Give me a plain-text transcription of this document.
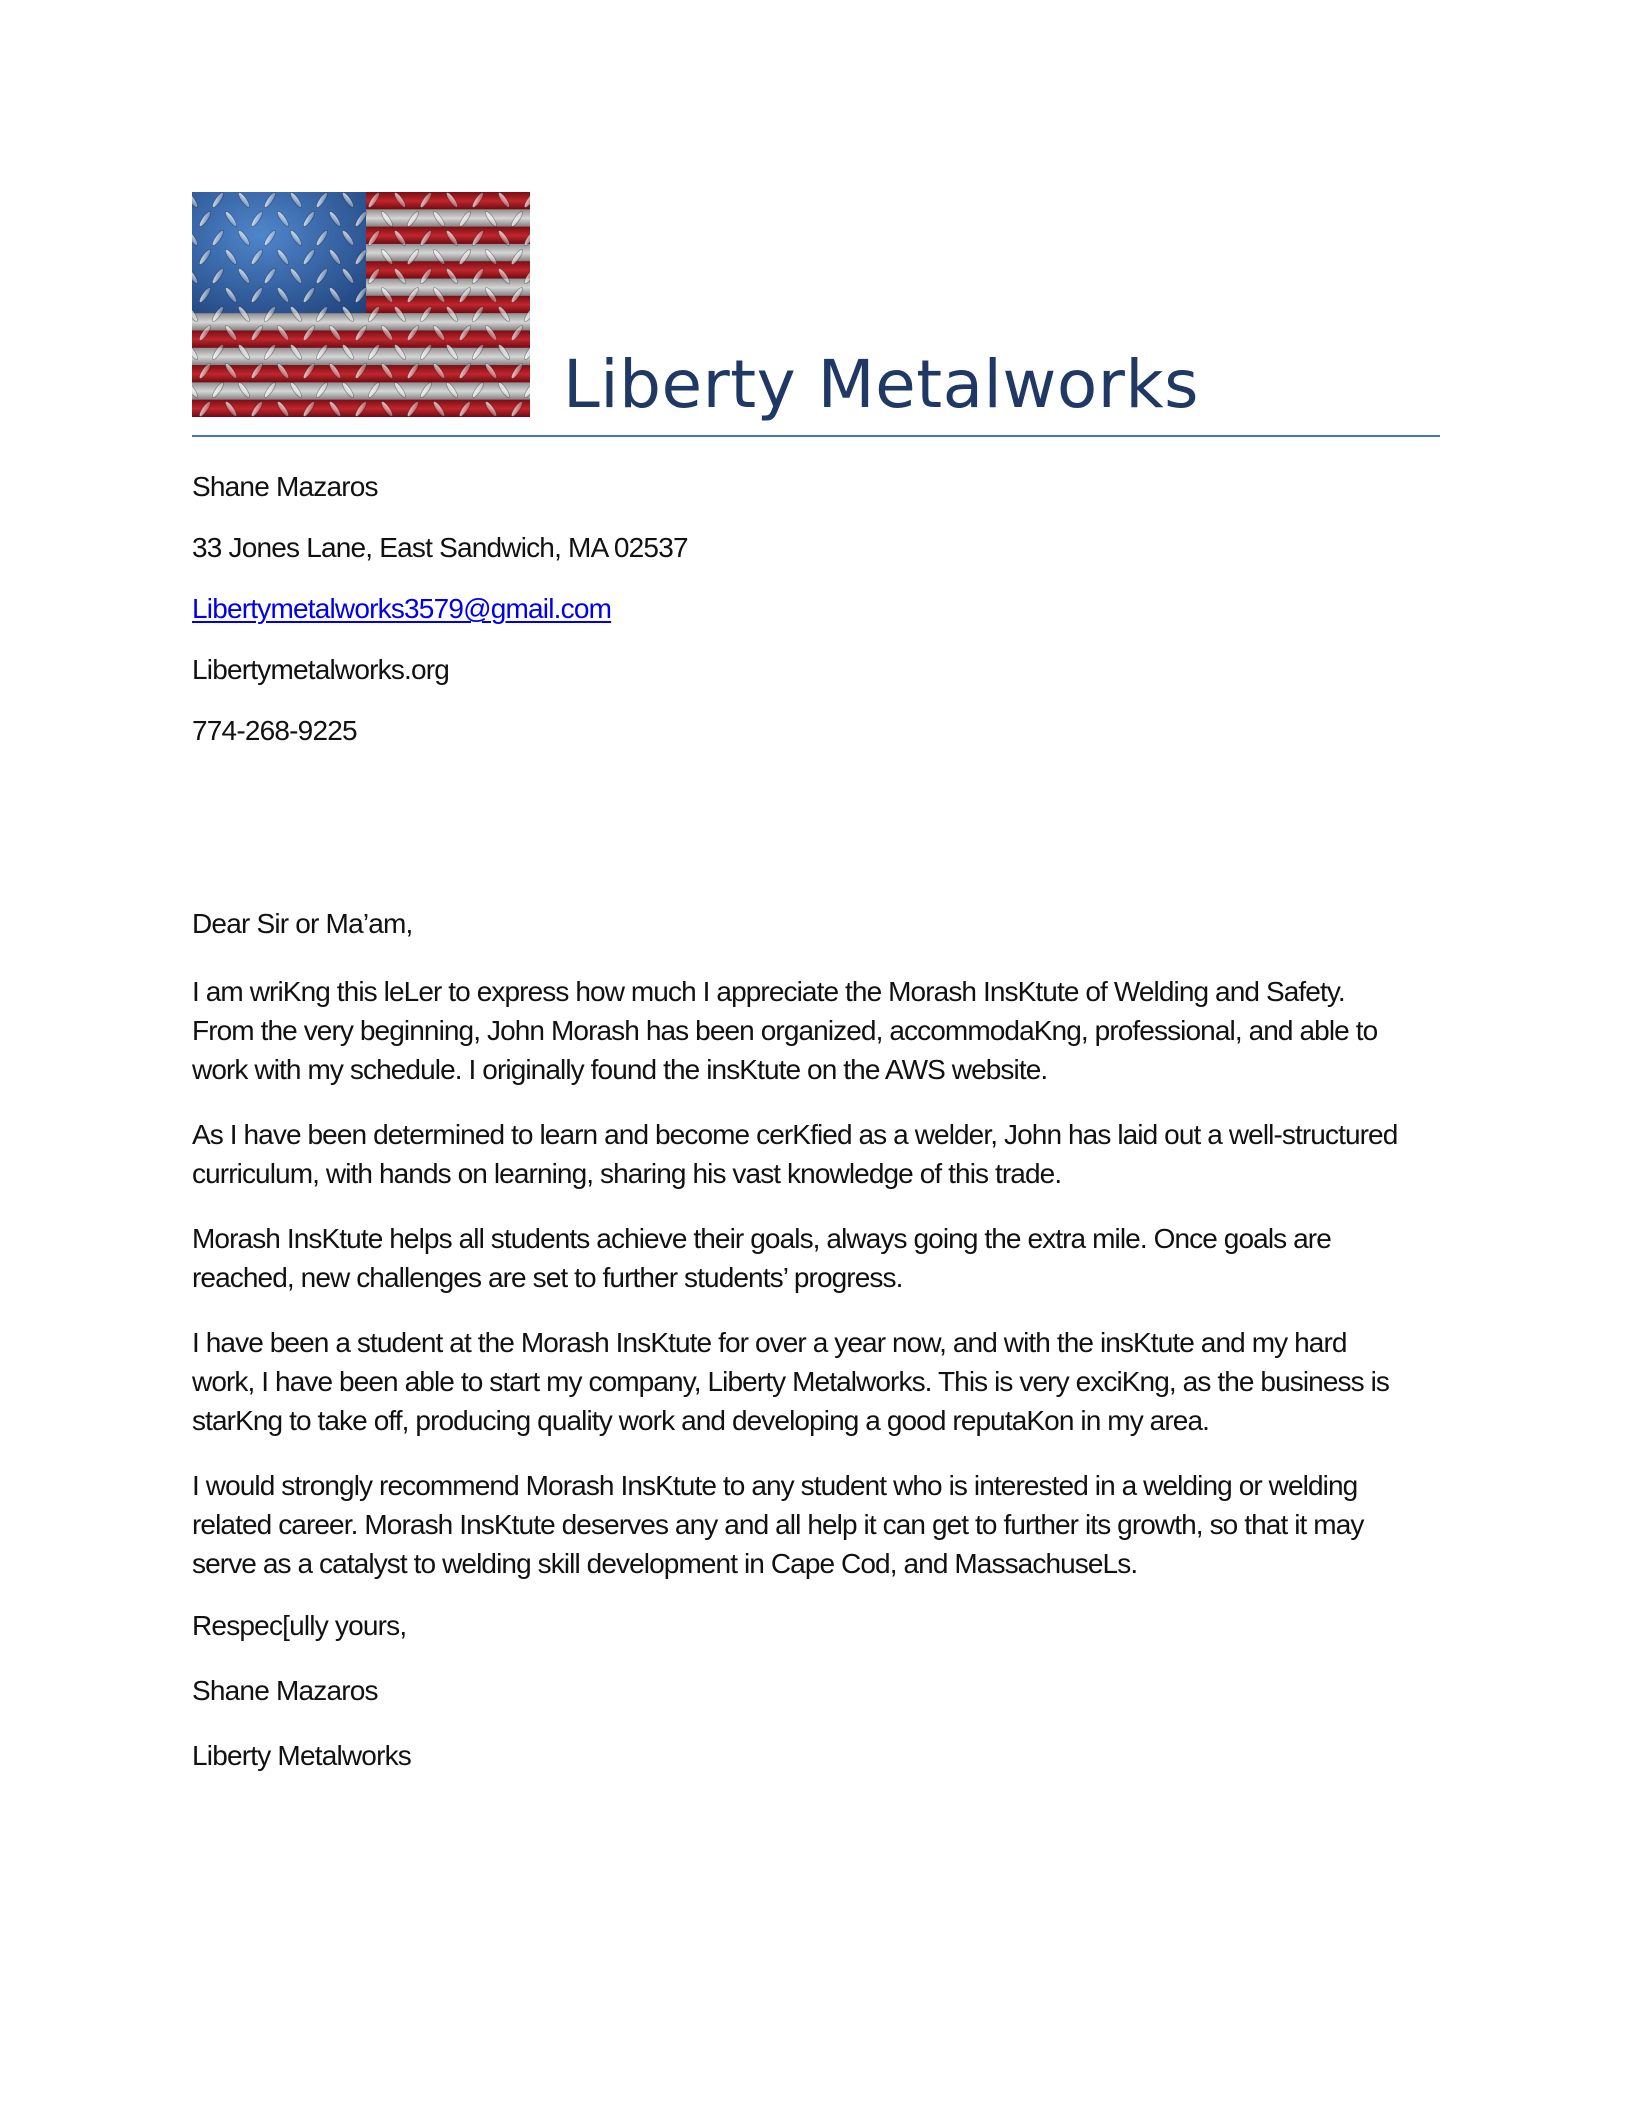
Liberty Metalworks
Shane Mazaros
33 Jones Lane, East Sandwich, MA 02537
Libertymetalworks3579@gmail.com
Libertymetalworks.org
774-268-9225

Dear Sir or Ma’am,

I am wriKng this leLer to express how much I appreciate the Morash InsKtute of Welding and Safety.
From the very beginning, John Morash has been organized, accommodaKng, professional, and able to
work with my schedule. I originally found the insKtute on the AWS website.

As I have been determined to learn and become cerKfied as a welder, John has laid out a well-structured
curriculum, with hands on learning, sharing his vast knowledge of this trade.

Morash InsKtute helps all students achieve their goals, always going the extra mile. Once goals are
reached, new challenges are set to further students’ progress.

I have been a student at the Morash InsKtute for over a year now, and with the insKtute and my hard
work, I have been able to start my company, Liberty Metalworks. This is very exciKng, as the business is
starKng to take off, producing quality work and developing a good reputaKon in my area.

I would strongly recommend Morash InsKtute to any student who is interested in a welding or welding
related career. Morash InsKtute deserves any and all help it can get to further its growth, so that it may
serve as a catalyst to welding skill development in Cape Cod, and MassachuseLs.

Respec[ully yours,

Shane Mazaros

Liberty Metalworks
